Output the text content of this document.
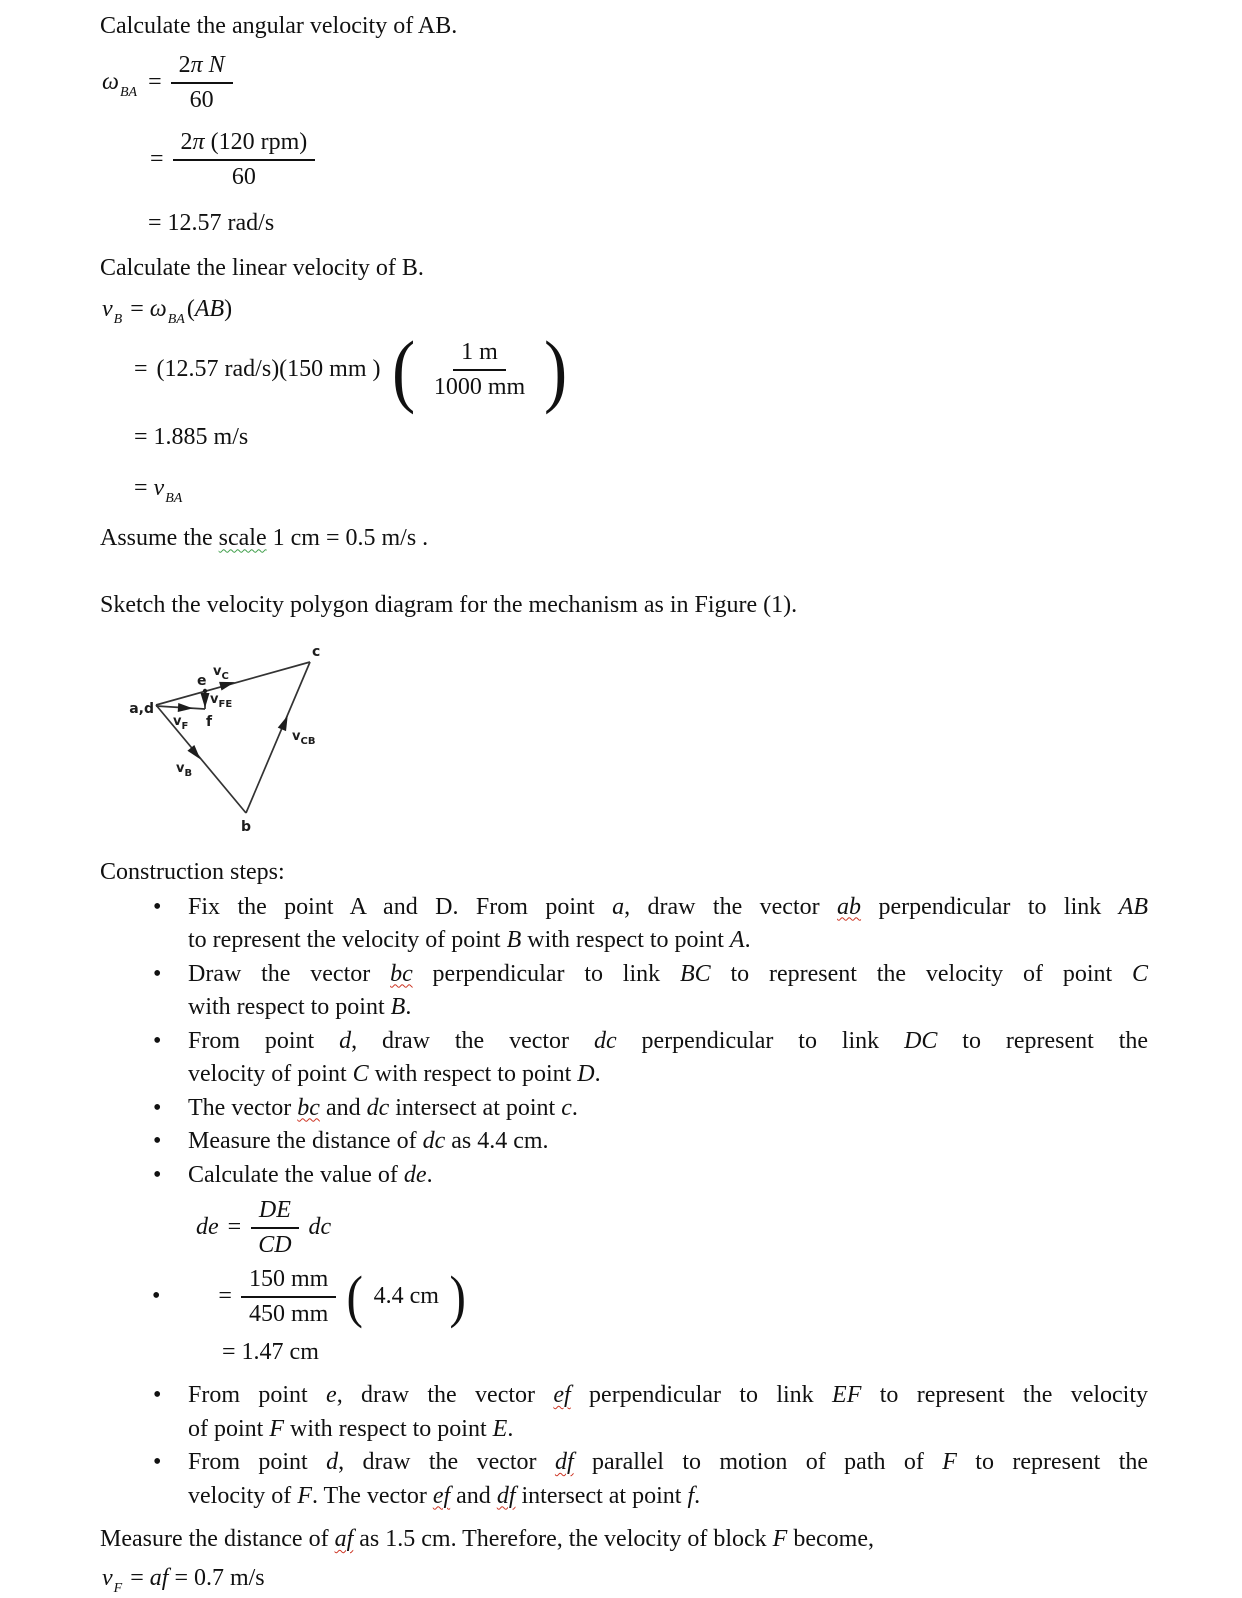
Calculate the angular velocity of AB.

$\omega_{BA} = \frac{\text{2π N}}{60}$
= $\frac{\text{2π (120 rpm)}}{60}$

= 12.57 rad/s

Calculate the linear velocity of B.

$v_B = \omega_{BA}(AB)$

= (12.57 rad/s)(150 mm ) ( $\frac{1 m}{1000 mm}$ )

= 1.885 m/s

= $v_{BA}$

Assume the scale 1 cm = 0.5 m/s .

Sketch the velocity polygon diagram for the mechanism as in Figure (1).

a,d
c
b
e
f
$v_C$
$v_{FE}$
$v_F$
$v_{CB}$
$v_B$

Construction steps:

• Fix the point A and D. From point a, draw the vector ab perpendicular to link AB
to represent the velocity of point B with respect to point A.
• Draw the vector bc perpendicular to link BC to represent the velocity of point C
with respect to point B.
• From point d, draw the vector dc perpendicular to link DC to represent the
velocity of point C with respect to point D.
• The vector bc and dc intersect at point c.
• Measure the distance of dc as 4.4 cm.
• Calculate the value of de.
de = $\frac{DE}{CD}$ dc
• = $\frac{150 mm}{450 mm}$ ( 4.4 cm )

= 1.47 cm

• From point e, draw the vector ef perpendicular to link EF to represent the velocity
of point F with respect to point E.
• From point d, draw the vector df parallel to motion of path of F to represent the
velocity of F. The vector ef and df intersect at point f.

Measure the distance of af as 1.5 cm. Therefore, the velocity of block F become,

$v_F$ = af = 0.7 m/s
